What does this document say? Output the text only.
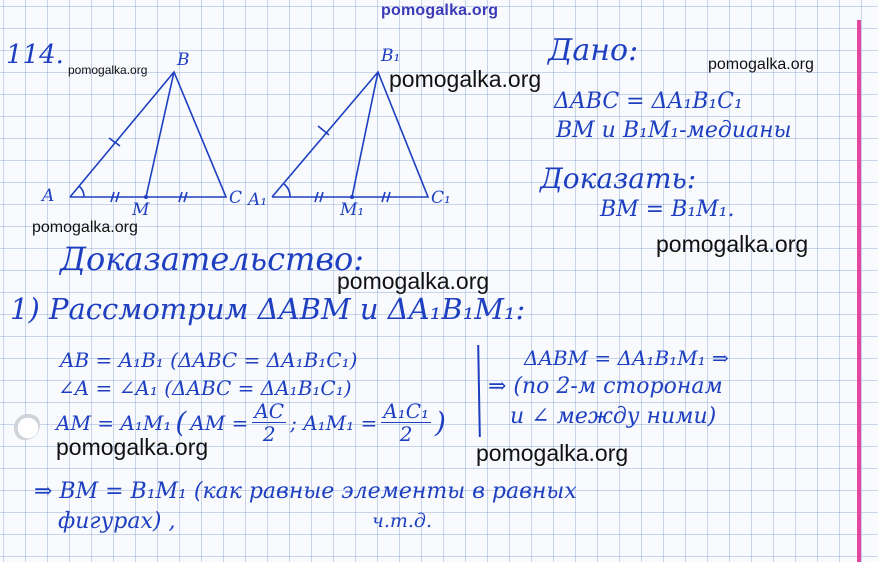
pomogalka.org
114.	B
A
M
C
B₁
A₁	M₁
C₁
Дано:
ΔABC = ΔA₁B₁C₁
BM и B₁M₁-медианы
Доказать:
BM = B₁M₁.
Доказательство:
1) Рассмотрим ΔABM и ΔA₁B₁M₁:
AB = A₁B₁ (ΔABC = ΔA₁B₁C₁)
∠A = ∠A₁ (ΔABC = ΔA₁B₁C₁)
AM = A₁M₁ ( AM = $\frac{AC}{2}$ ; $A_1M_1 = \frac{\text{A₁C₁}}{2}$ )
ΔABM = ΔA₁B₁M₁ ⇒
⇒ (по 2-м сторонам
и ∠ между ними)
⇒ BM = B₁M₁ (как равные элементы в равных
фигурах) ,	ч.т.д.
pomogalka.org	pomogalka.org
pomogalka.org
pomogalka.org
pomogalka.org
pomogalka.org
pomogalka.org	pomogalka.org
